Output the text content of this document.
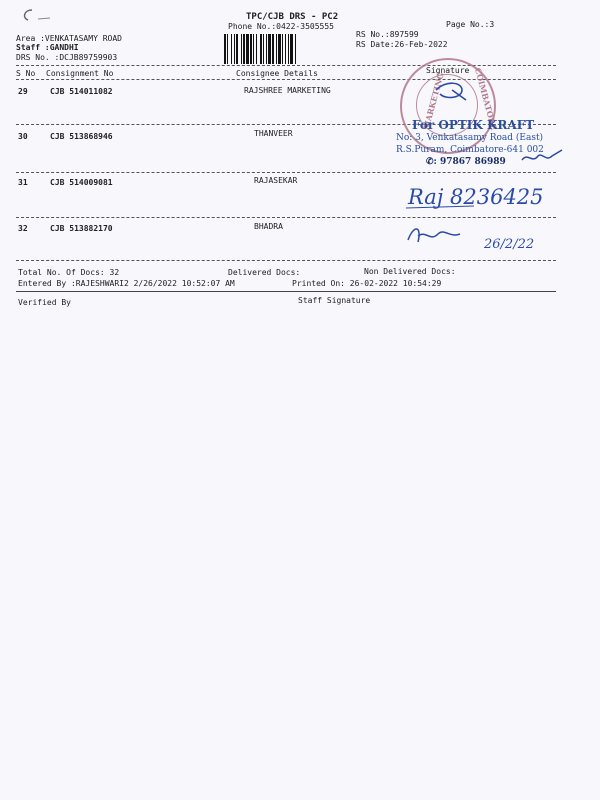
TPC/CJB DRS - PC2
Phone No.:0422-3505555	Page No.:3
Area :VENKATASAMY ROAD
Staff :GANDHI
DRS No. :DCJB89759903
RS No.:897599
RS Date:26-Feb-2022
S No Consignment No	Consignee Details	Signature
29	CJB 514011082	RAJSHREE MARKETING
30	CJB 513868946	THANVEER
31	CJB 514009081	RAJASEKAR
32	CJB 513882170	BHADRA
MARKETING	COIMBATORE
For OPTIK KRAFT
No: 3, Venkatasamy Road (East)
R.S.Puram, Coimbatore-641 002
✆: 97867 86989
Raj 8236425
26/2/22
Total No. Of Docs: 32	Delivered Docs:	Non Delivered Docs:
Entered By :RAJESHWARI2 2/26/2022 10:52:07 AM	Printed On: 26-02-2022 10:54:29
Verified By	Staff Signature
